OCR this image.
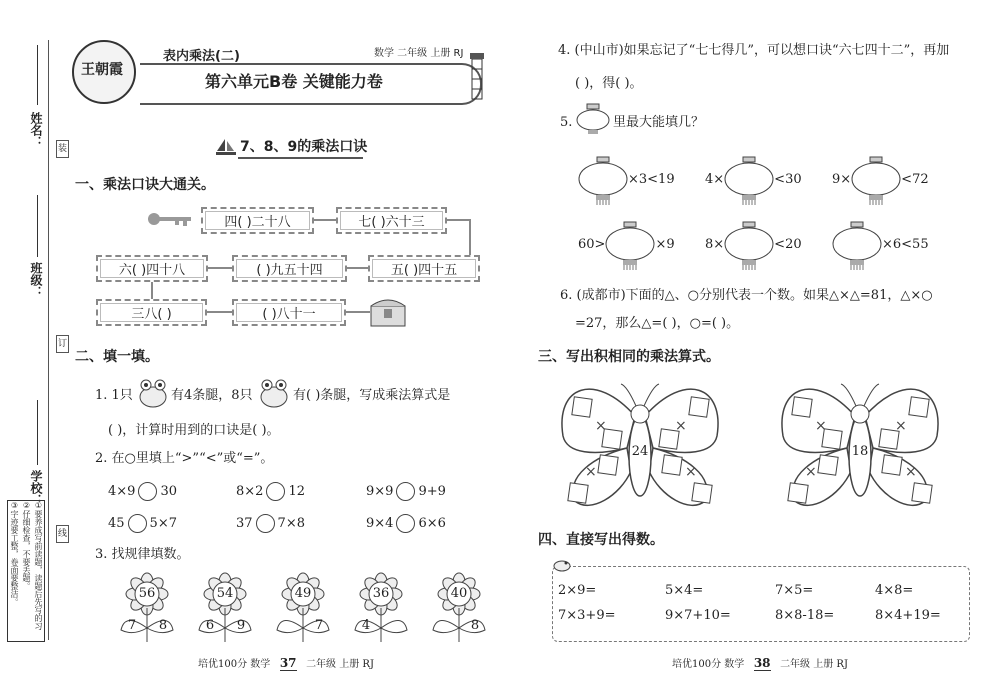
姓名：
班级：
学校：
装
订
线
①要养成写前读题，读题后先写的习
②仔细检查，不要丢题。
③字迹要工整，卷面要整洁。
王朝霞
表内乘法(二)	数学 二年级 上册 RJ
第六单元B卷 关键能力卷
7、8、9的乘法口诀
一、乘法口诀大通关。
四( )二十八	七( )六十三
六( )四十八	( )九五十四	五( )四十五
三八( )	( )八十一
二、填一填。
1. 1只	有4条腿，8只	有( )条腿，写成乘法算式是
( )，计算时用到的口诀是( )。
2. 在○里填上“>”“<”或“=”。
4×9 30	8×2 12	9×9 9+9
45 5×7	37 7×8	9×4 6×6
3. 找规律填数。
56
7	8
54
6	9
49
7
36
4
40
8
4. (中山市)如果忘记了“七七得几”，可以想口诀“六七四十二”，再加
( )，得( )。
5.	里最大能填几？
×3<19 4×	<30 9×	<72
60>	×9 8×	<20	×6<55
6. (成都市)下面的△、○分别代表一个数。如果△×△=81，△×○
=27，那么△=( )，○=( )。
三、写出积相同的乘法算式。
×
×
×
×
24
×
×
×
×
18
四、直接写出得数。
2×9=	5×4=	7×5=	4×8=
7×3+9=	9×7+10=	8×8-18=	8×4+19=
培优100分 数学 37 二年级 上册 RJ	培优100分 数学 38 二年级 上册 RJ
